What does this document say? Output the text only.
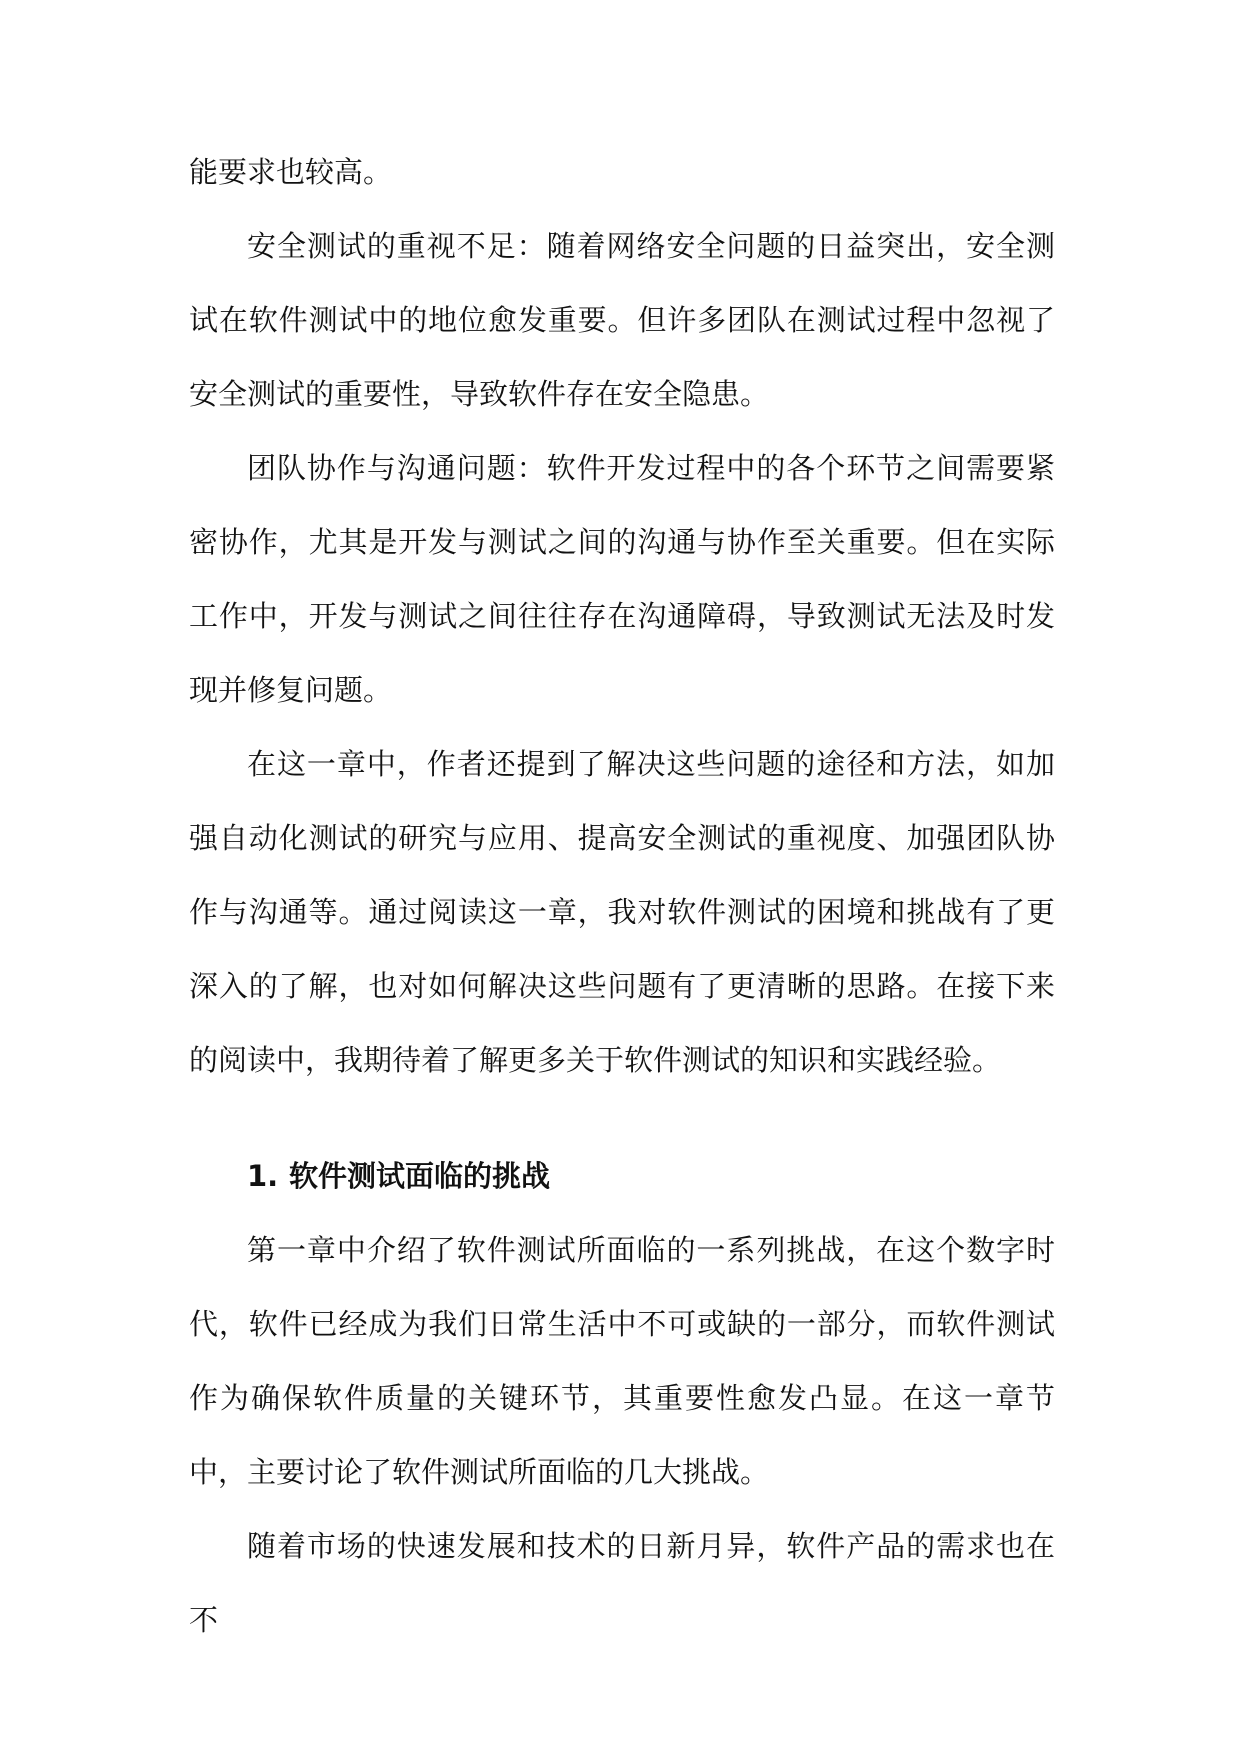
能要求也较高。

安全测试的重视不足：随着网络安全问题的日益突出，安全测试在软件测试中的地位愈发重要。但许多团队在测试过程中忽视了安全测试的重要性，导致软件存在安全隐患。

团队协作与沟通问题：软件开发过程中的各个环节之间需要紧密协作，尤其是开发与测试之间的沟通与协作至关重要。但在实际工作中，开发与测试之间往往存在沟通障碍，导致测试无法及时发现并修复问题。

在这一章中，作者还提到了解决这些问题的途径和方法，如加强自动化测试的研究与应用、提高安全测试的重视度、加强团队协作与沟通等。通过阅读这一章，我对软件测试的困境和挑战有了更深入的了解，也对如何解决这些问题有了更清晰的思路。在接下来的阅读中，我期待着了解更多关于软件测试的知识和实践经验。

1. 软件测试面临的挑战

第一章中介绍了软件测试所面临的一系列挑战，在这个数字时代，软件已经成为我们日常生活中不可或缺的一部分，而软件测试作为确保软件质量的关键环节，其重要性愈发凸显。在这一章节中，主要讨论了软件测试所面临的几大挑战。

随着市场的快速发展和技术的日新月异，软件产品的需求也在不
